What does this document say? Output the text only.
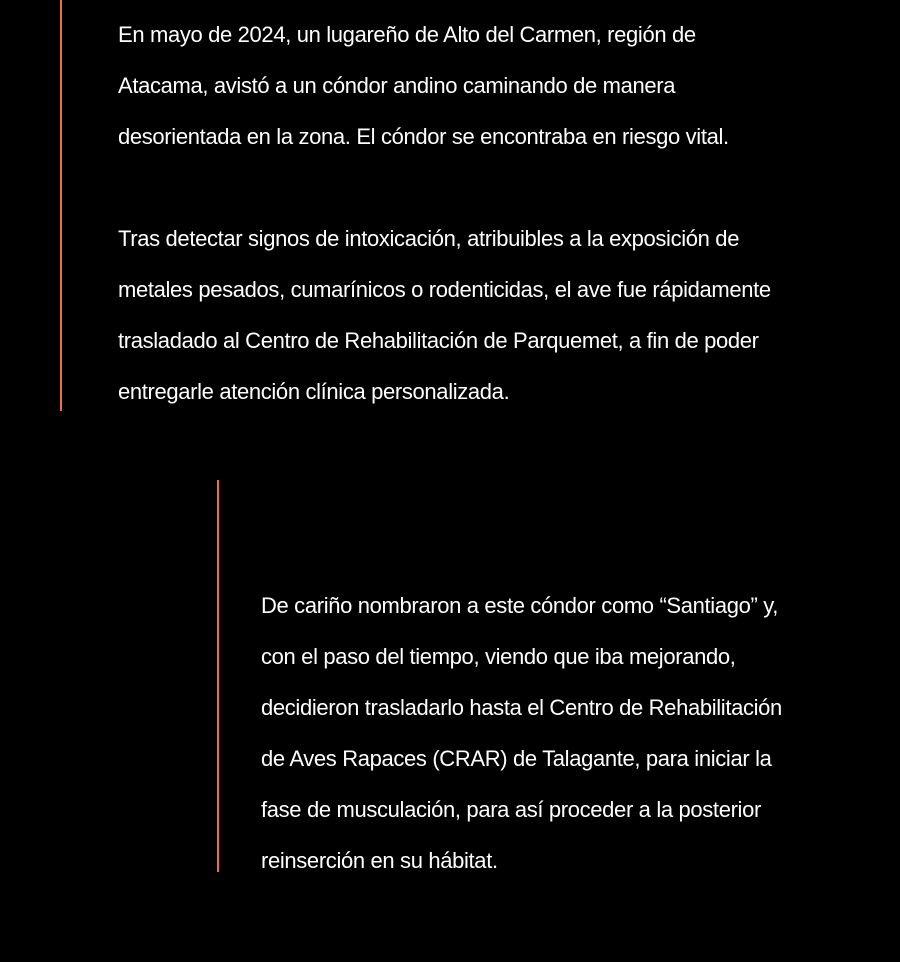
En mayo de 2024, un lugareño de Alto del Carmen, región de
Atacama, avistó a un cóndor andino caminando de manera
desorientada en la zona. El cóndor se encontraba en riesgo vital.

Tras detectar signos de intoxicación, atribuibles a la exposición de
metales pesados, cumarínicos o rodenticidas, el ave fue rápidamente
trasladado al Centro de Rehabilitación de Parquemet, a fin de poder
entregarle atención clínica personalizada.

De cariño nombraron a este cóndor como “Santiago” y,
con el paso del tiempo, viendo que iba mejorando,
decidieron trasladarlo hasta el Centro de Rehabilitación
de Aves Rapaces (CRAR) de Talagante, para iniciar la
fase de musculación, para así proceder a la posterior
reinserción en su hábitat.
